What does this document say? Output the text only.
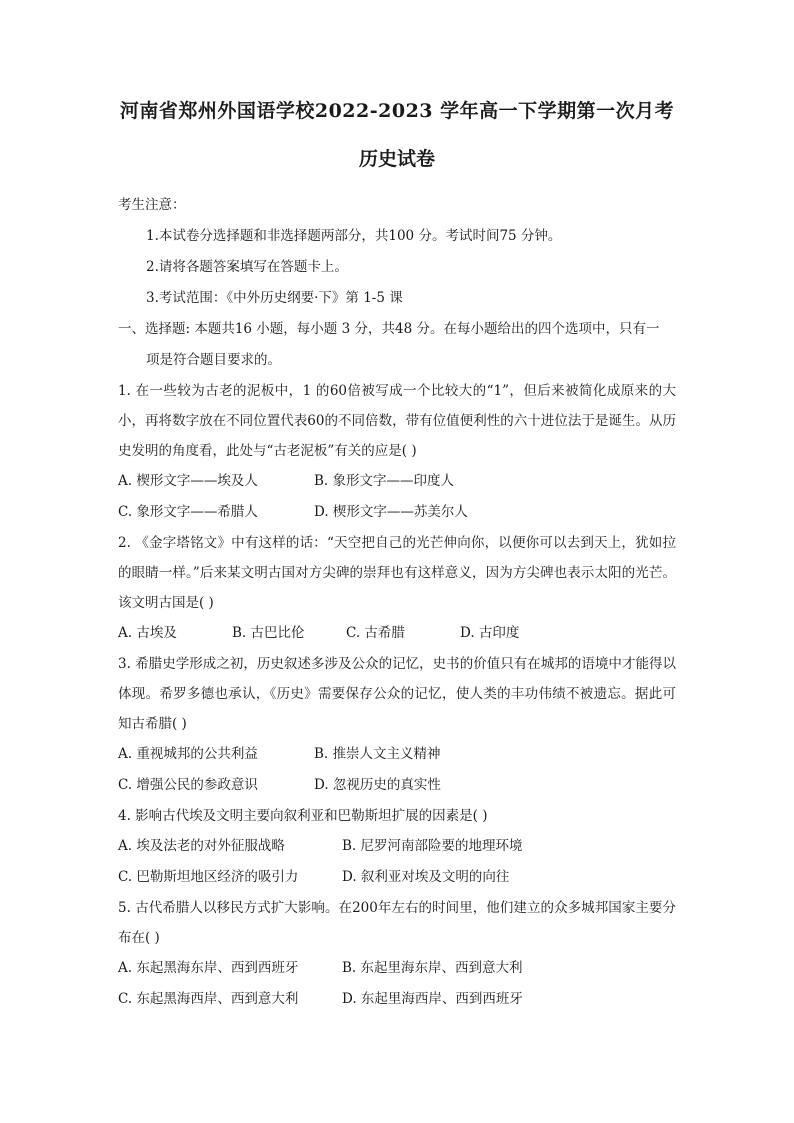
河南省郑州外国语学校2022-2023 学年高一下学期第一次月考
历史试卷
考生注意：
1.本试卷分选择题和非选择题两部分，共100 分。考试时间75 分钟。
2.请将各题答案填写在答题卡上。
3.考试范围：《中外历史纲要·下》第 1-5 课
一、选择题: 本题共16 小题，每小题 3 分，共48 分。在每小题给出的四个选项中，只有一
项是符合题目要求的。
1. 在一些较为古老的泥板中，1 的60倍被写成一个比较大的“1”，但后来被简化成原来的大小，再将数字放在不同位置代表60的不同倍数，带有位值便利性的六十进位法于是诞生。从历史发明的角度看，此处与“古老泥板”有关的应是( )
A. 楔形文字——埃及人	B. 象形文字——印度人
C. 象形文字——希腊人	D. 楔形文字——苏美尔人
2. 《金字塔铭文》中有这样的话：“天空把自己的光芒伸向你，以便你可以去到天上，犹如拉的眼睛一样。”后来某文明古国对方尖碑的崇拜也有这样意义，因为方尖碑也表示太阳的光芒。该文明古国是( )
A. 古埃及	B. 古巴比伦	C. 古希腊	D. 古印度
3. 希腊史学形成之初，历史叙述多涉及公众的记忆，史书的价值只有在城邦的语境中才能得以体现。希罗多德也承认，《历史》需要保存公众的记忆，使人类的丰功伟绩不被遗忘。据此可知古希腊( )
A. 重视城邦的公共利益	B. 推崇人文主义精神
C. 增强公民的参政意识	D. 忽视历史的真实性
4. 影响古代埃及文明主要向叙利亚和巴勒斯坦扩展的因素是( )
A. 埃及法老的对外征服战略	B. 尼罗河南部险要的地理环境
C. 巴勒斯坦地区经济的吸引力	D. 叙利亚对埃及文明的向往
5. 古代希腊人以移民方式扩大影响。在200年左右的时间里，他们建立的众多城邦国家主要分布在( )
A. 东起黑海东岸、西到西班牙	B. 东起里海东岸、西到意大利
C. 东起黑海西岸、西到意大利	D. 东起里海西岸、西到西班牙
